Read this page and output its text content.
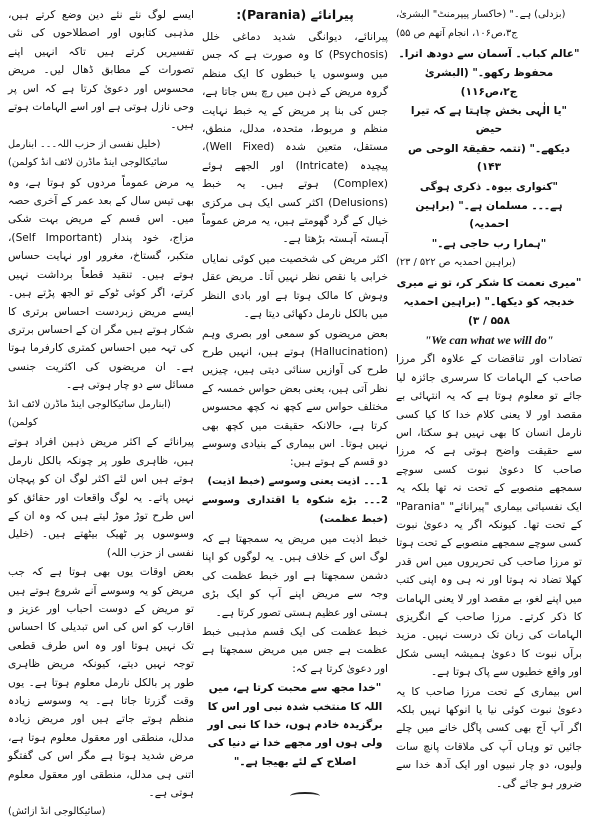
(بزدلی) ہے۔" (خاکسار پیپرمنٹ" البشریٰ،

ج۳،ص۱۰۶، انجام آتھم ص ۵۵)

"عالم کباب۔ آسمان سے دودھ اترا۔

محفوظ رکھو۔" (البشریٰ ج۲،ص۱۱۶)

"یا الٰہی بخش چاہتا ہے کہ تیرا حیض

دیکھے۔" (تتمہ حقیقۃ الوحی ص ۱۴۳)

"کنواری بیوہ۔ ذکری ہوگی

ہے۔۔۔ مسلمان ہے۔" (براہین احمدیہ)

"ہمارا رب حاجی ہے۔"

(براہین احمدیہ ص ۵۲۲ / ۲۳)

"میری نعمت کا شکر کر، تو نے میری

خدیجہ کو دیکھا۔" (براہین احمدیہ ۵۵۸ / ۳)

"We can what we will do"

تضادات اور تناقضات کے علاوہ اگر مرزا صاحب کے الہامات کا سرسری جائزہ لیا جائے تو معلوم ہوتا ہے کہ یہ انتہائی بے مقصد اور لا یعنی کلام خدا کا کیا کسی نارمل انسان کا بھی نہیں ہو سکتا، اس سے حقیقت واضح ہوتی ہے کہ مرزا صاحب کا دعویٰ نبوت کسی سوچے سمجھے منصوبے کے تحت نہ تھا بلکہ یہ ایک نفسیاتی بیماری "پیرانائے" "Parania" کے تحت تھا۔ کیونکہ اگر یہ دعویٰ نبوت کسی سوچے سمجھے منصوبے کے تحت ہوتا تو مرزا صاحب کی تحریروں میں اس قدر کھلا تضاد نہ ہوتا اور نہ ہی وہ اپنی کتب میں اپنے لغو، بے مقصد اور لا یعنی الہامات کا ذکر کرتے۔ مرزا صاحب کے انگریزی الہامات کی زبان تک درست نہیں۔ مزید برآں نبوت کا دعویٰ ہمیشہ ایسی شکل اور واقع خطیوں سے پاک ہوتا ہے۔

اس بیماری کے تحت مرزا صاحب کا یہ دعویٰ نبوت کوئی نیا یا انوکھا نہیں بلکہ اگر آپ آج بھی کسی پاگل خانے میں چلے جائیں تو وہاں آپ کی ملاقات پانچ سات ولیوں، دو چار نبیوں اور ایک آدھ خدا سے ضرور ہو جائے گی۔

پیرانائے (Parania):

پیرانائے، دیوانگی شدید دماغی خلل (Psychosis) کا وہ صورت ہے کہ جس میں وسوسوں یا خبطوں کا ایک منظم گروہ مریض کے ذہن میں رچ بس جاتا ہے، جس کی بنا پر مریض کے یہ خبط نہایت منظم و مربوط، متحدہ، مدلل، منطق، مستقل، متعین شدہ (Well Fixed)، پیچیدہ (Intricate) اور الجھے ہوئے (Complex) ہوتے ہیں۔ یہ خبط (Delusions) اکثر کسی ایک ہی مرکزی خیال کے گرد گھومتے ہیں، یہ مرض عموماً آہستہ آہستہ بڑھتا ہے۔

اکثر مریض کی شخصیت میں کوئی نمایاں خرابی یا نقص نظر نہیں آتا۔ مریض عقل وہوش کا مالک ہوتا ہے اور بادی النظر میں بالکل نارمل دکھائی دیتا ہے۔

بعض مریضوں کو سمعی اور بصری وہم (Hallucination) ہوتے ہیں، انہیں طرح طرح کی آوازیں سنائی دیتی ہیں، چیزیں نظر آتی ہیں، یعنی بعض حواس خمسہ کے مختلف حواس سے کچھ نہ کچھ محسوس کرتا ہے، حالانکہ حقیقت میں کچھ بھی نہیں ہوتا۔ اس بیماری کے بنیادی وسوسے دو قسم کے ہوتے ہیں:

1۔۔۔ اذیت یعنی وسوسے (خبط اذیت)

2۔۔۔ بڑے شکوہ یا اقتداری وسوسے (خبط عظمت)

خبط اذیت میں مریض یہ سمجھتا ہے کہ لوگ اس کے خلاف ہیں۔ یہ لوگوں کو اپنا دشمن سمجھتا ہے اور خبط عظمت کی وجہ سے مریض اپنے آپ کو ایک بڑی ہستی اور عظیم ہستی تصور کرتا ہے۔

خبط عظمت کی ایک قسم مذہبی خبط عظمت ہے جس میں مریض سمجھتا ہے اور دعویٰ کرتا ہے کہ:

"خدا مجھ سے محبت کرتا ہے، میں اللہ کا منتخب شدہ نبی اور اس کا برگزیدہ خادم ہوں، خدا کا نبی اور ولی ہوں اور مجھے خدا نے دنیا کی اصلاح کے لئے بھیجا ہے۔"

ایسے لوگ نئے نئے دین وضع کرتے ہیں، مذہبی کتابوں اور اصطلاحوں کی نئی تفسیریں کرتے ہیں تاکہ انہیں اپنے تصورات کے مطابق ڈھال لیں۔ مریض محسوس اور دعویٰ کرتا ہے کہ اس پر وحی نازل ہوتی ہے اور اسے الہامات ہوتے ہیں۔

(خلیل نفسی از حزب اللہ۔۔۔ ابنارمل سائیکالوجی اینڈ ماڈرن لائف انڈ کولمن)

یہ مرض عموماً مردوں کو ہوتا ہے، وہ بھی تیس سال کے بعد عمر کے آخری حصہ میں۔ اس قسم کے مریض بہت شکی مزاج، خود پندار (Self Important)، متکبر، گستاخ، مغرور اور نہایت حساس ہوتے ہیں۔ تنقید قطعاً برداشت نہیں کرتے، اگر کوئی ٹوکے تو الجھ پڑتے ہیں۔ ایسے مریض زبردست احساس برتری کا شکار ہوتے ہیں مگر ان کے احساس برتری کی تہہ میں احساس کمتری کارفرما ہوتا ہے۔ ان مریضوں کی اکثریت جنسی مسائل سے دو چار ہوتی ہے۔

(ابنارمل سائیکالوجی اینڈ ماڈرن لائف انڈ کولمن)

پیرانائے کے اکثر مریض ذہین افراد ہوتے ہیں، ظاہری طور پر چونکہ بالکل نارمل ہوتے ہیں اس لئے اکثر لوگ ان کو پہچان نہیں پاتے۔ یہ لوگ واقعات اور حقائق کو اس طرح توڑ موڑ لیتے ہیں کہ وہ ان کے وسوسوں پر ٹھیک بیٹھتے ہیں۔ (خلیل نفسی از حزب اللہ)

بعض اوقات یوں بھی ہوتا ہے کہ جب مریض کو یہ وسوسے آنے شروع ہوتے ہیں تو مریض کے دوست احباب اور عزیز و اقارب کو اس کی اس تبدیلی کا احساس تک نہیں ہوتا اور وہ اس طرف قطعی توجہ نہیں دیتے، کیونکہ مریض ظاہری طور پر بالکل نارمل معلوم ہوتا ہے۔ یوں وقت گزرتا جاتا ہے۔ یہ وسوسے زیادہ منظم ہوتے جاتے ہیں اور مریض زیادہ مدلل، منطقی اور معقول معلوم ہوتا ہے، مرض شدید ہوتا ہے مگر اس کی گفتگو اتنی ہی مدلل، منطقی اور معقول معلوم ہوتی ہے۔

(سائیکالوجی انڈ ازائش)
